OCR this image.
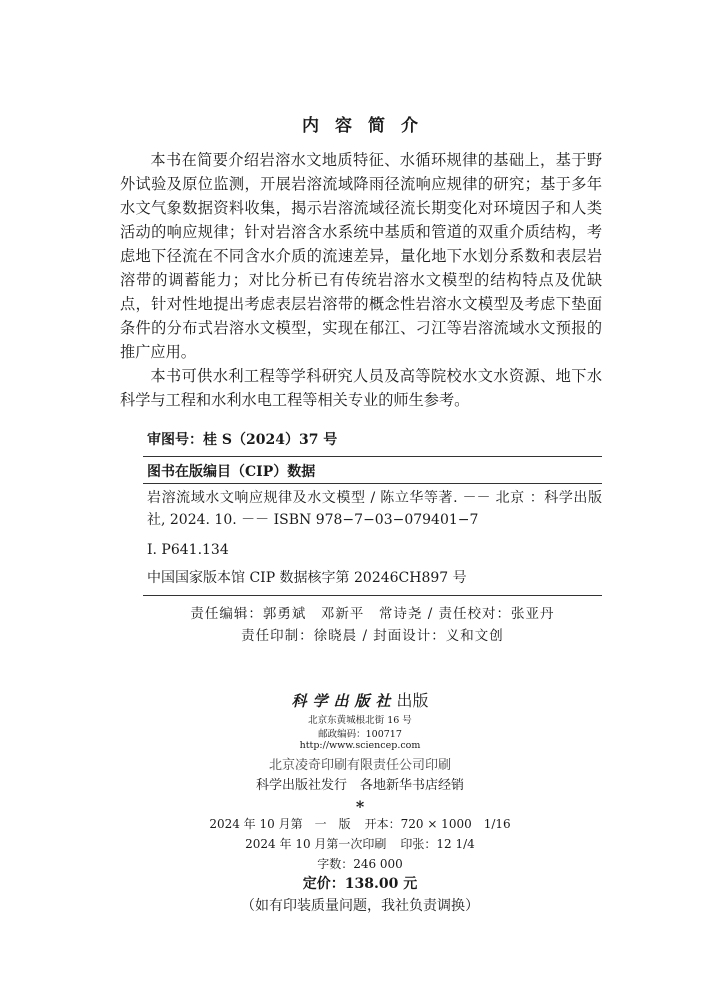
内容简介

本书在简要介绍岩溶水文地质特征、水循环规律的基础上，基于野外试验及原位监测，开展岩溶流域降雨径流响应规律的研究；基于多年水文气象数据资料收集，揭示岩溶流域径流长期变化对环境因子和人类活动的响应规律；针对岩溶含水系统中基质和管道的双重介质结构，考虑地下径流在不同含水介质的流速差异，量化地下水划分系数和表层岩溶带的调蓄能力；对比分析已有传统岩溶水文模型的结构特点及优缺点，针对性地提出考虑表层岩溶带的概念性岩溶水文模型及考虑下垫面条件的分布式岩溶水文模型，实现在郁江、刁江等岩溶流域水文预报的推广应用。

本书可供水利工程等学科研究人员及高等院校水文水资源、地下水科学与工程和水利水电工程等相关专业的师生参考。

审图号：桂 S（2024）37 号
图书在版编目（CIP）数据
岩溶流域水文响应规律及水文模型 / 陈立华等著. －－ 北京 ：科学出版社, 2024. 10. －－ ISBN 978−7−03−079401−7
Ⅰ. P641.134
中国国家版本馆 CIP 数据核字第 20246CH897 号
责任编辑：郭勇斌　邓新平　常诗尧 / 责任校对：张亚丹
责任印制：徐晓晨 / 封面设计：义和文创
科学出版社出版
北京东黄城根北街 16 号
邮政编码：100717
http://www.sciencep.com
北京凌奇印刷有限责任公司印刷
科学出版社发行　各地新华书店经销
*
2024 年 10 月第　一　版 开本：720 × 1000　1/16
2024 年 10 月第一次印刷 印张：12 1/4
字数：246 000
定价：138.00 元
（如有印装质量问题，我社负责调换）
